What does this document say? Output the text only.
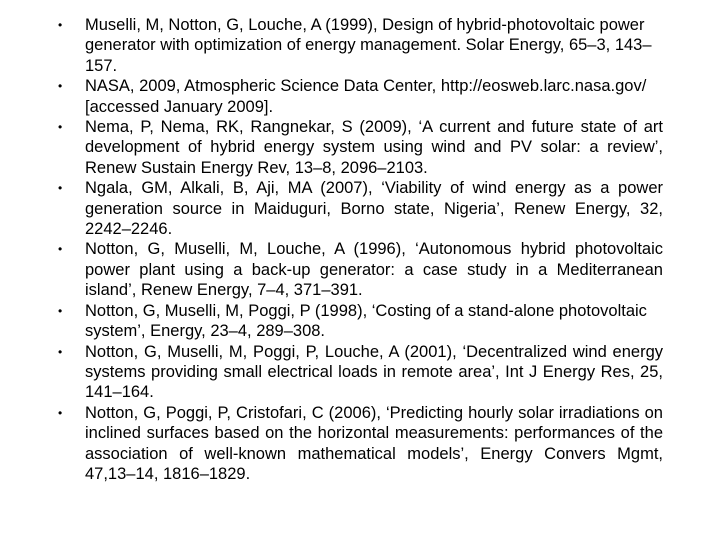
• Muselli, M, Notton, G, Louche, A (1999), Design of hybrid-photovoltaic power generator with optimization of energy management. Solar Energy, 65–3, 143–157.
• NASA, 2009, Atmospheric Science Data Center, http://eosweb.larc.nasa.gov/ [accessed January 2009].
• Nema, P, Nema, RK, Rangnekar, S (2009), ‘A current and future state of art development of hybrid energy system using wind and PV solar: a review’, Renew Sustain Energy Rev, 13–8, 2096–2103.
• Ngala, GM, Alkali, B, Aji, MA (2007), ‘Viability of wind energy as a power generation source in Maiduguri, Borno state, Nigeria’, Renew Energy, 32, 2242–2246.
• Notton, G, Muselli, M, Louche, A (1996), ‘Autonomous hybrid photovoltaic power plant using a back-up generator: a case study in a Mediterranean island’, Renew Energy, 7–4, 371–391.
• Notton, G, Muselli, M, Poggi, P (1998), ‘Costing of a stand-alone photovoltaic system’, Energy, 23–4, 289–308.
• Notton, G, Muselli, M, Poggi, P, Louche, A (2001), ‘Decentralized wind energy systems providing small electrical loads in remote area’, Int J Energy Res, 25, 141–164.
• Notton, G, Poggi, P, Cristofari, C (2006), ‘Predicting hourly solar irradiations on inclined surfaces based on the horizontal measurements: performances of the association of well-known mathematical models’, Energy Convers Mgmt, 47,13–14, 1816–1829.
